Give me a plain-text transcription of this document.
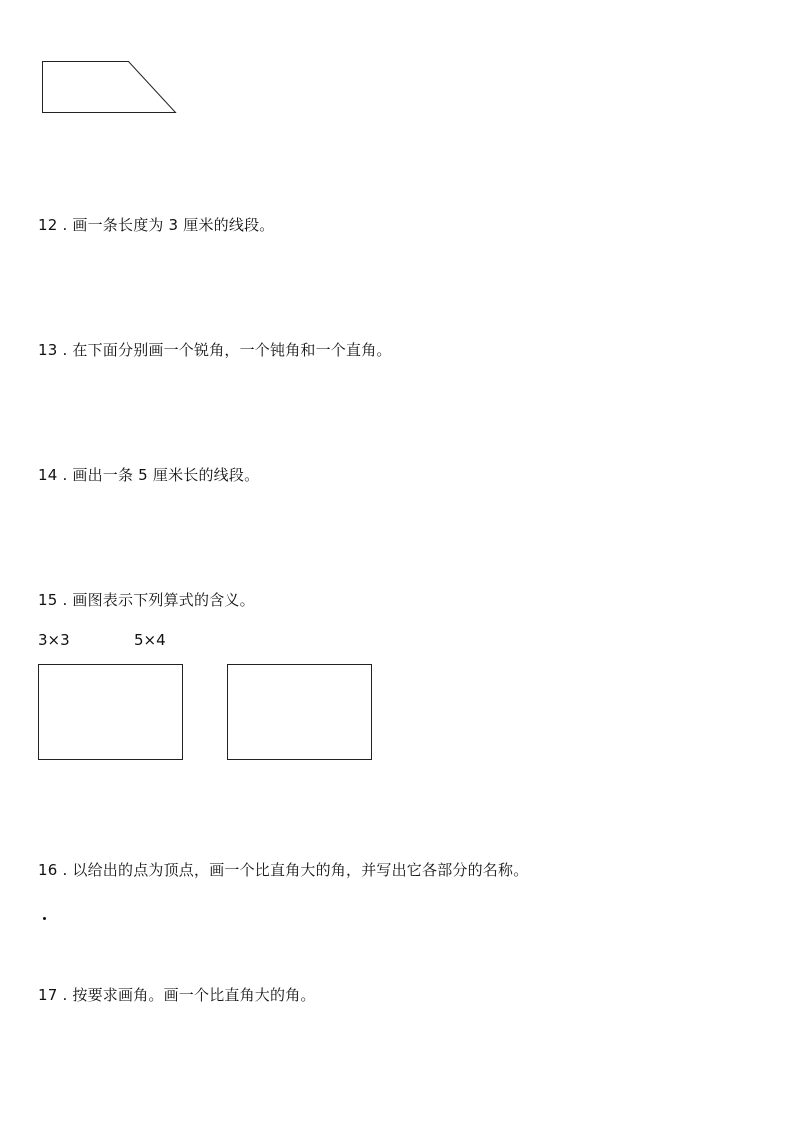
12 . 画一条长度为 3 厘米的线段。
13 . 在下面分别画一个锐角，一个钝角和一个直角。
14 . 画出一条 5 厘米长的线段。
15 . 画图表示下列算式的含义。
3×3	5×4
16 . 以给出的点为顶点，画一个比直角大的角，并写出它各部分的名称。
17 . 按要求画角。画一个比直角大的角。
